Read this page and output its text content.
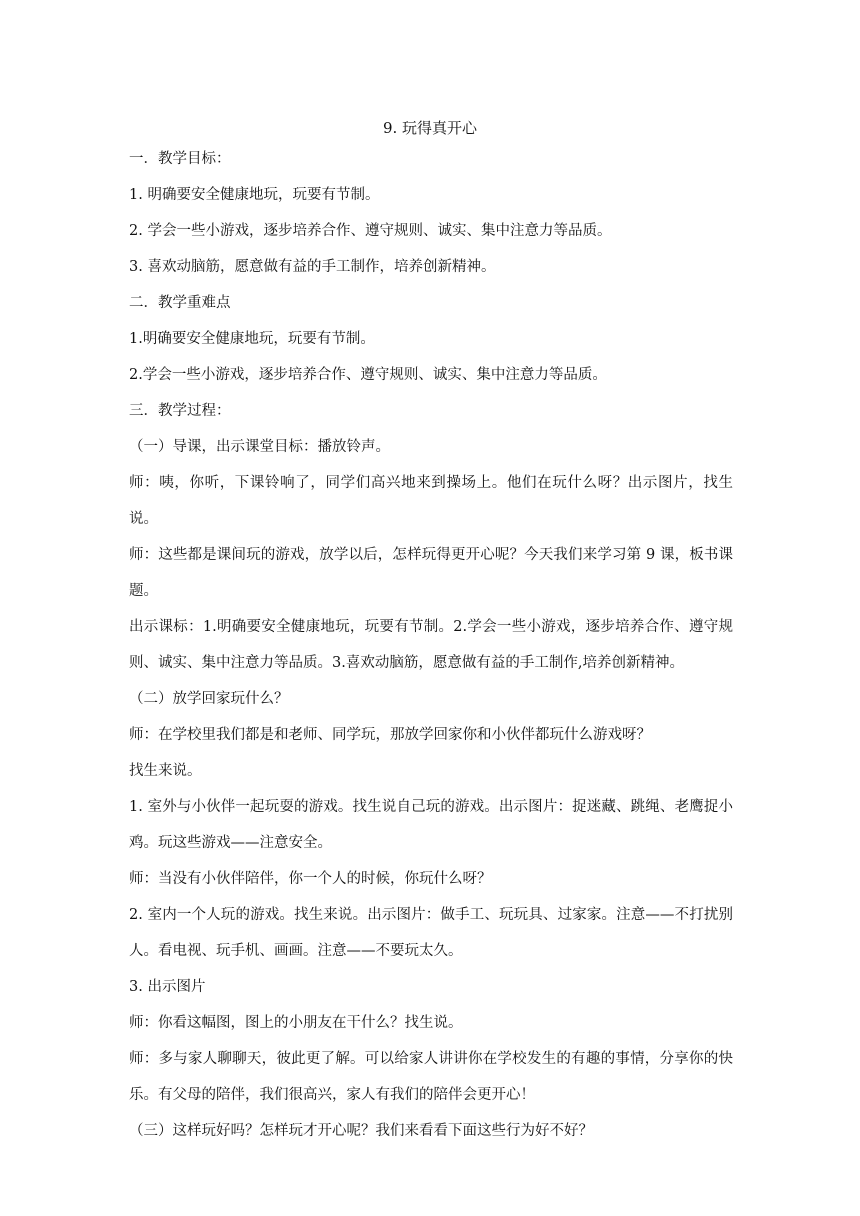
9. 玩得真开心
一．教学目标：
1. 明确要安全健康地玩，玩要有节制。
2. 学会一些小游戏，逐步培养合作、遵守规则、诚实、集中注意力等品质。
3. 喜欢动脑筋，愿意做有益的手工制作，培养创新精神。
二．教学重难点
1.明确要安全健康地玩，玩要有节制。
2.学会一些小游戏，逐步培养合作、遵守规则、诚实、集中注意力等品质。
三．教学过程：
（一）导课，出示课堂目标：播放铃声。
师：咦，你听，下课铃响了，同学们高兴地来到操场上。他们在玩什么呀？出示图片，找生说。
师：这些都是课间玩的游戏，放学以后，怎样玩得更开心呢？今天我们来学习第 9 课，板书课题。
出示课标：1.明确要安全健康地玩，玩要有节制。2.学会一些小游戏，逐步培养合作、遵守规则、诚实、集中注意力等品质。3.喜欢动脑筋，愿意做有益的手工制作,培养创新精神。
（二）放学回家玩什么？
师：在学校里我们都是和老师、同学玩，那放学回家你和小伙伴都玩什么游戏呀？
找生来说。
1. 室外与小伙伴一起玩耍的游戏。找生说自己玩的游戏。出示图片：捉迷藏、跳绳、老鹰捉小鸡。玩这些游戏——注意安全。
师：当没有小伙伴陪伴，你一个人的时候，你玩什么呀？
2. 室内一个人玩的游戏。找生来说。出示图片：做手工、玩玩具、过家家。注意——不打扰别人。看电视、玩手机、画画。注意——不要玩太久。
3. 出示图片
师：你看这幅图，图上的小朋友在干什么？找生说。
师：多与家人聊聊天，彼此更了解。可以给家人讲讲你在学校发生的有趣的事情，分享你的快乐。有父母的陪伴，我们很高兴，家人有我们的陪伴会更开心！
（三）这样玩好吗？怎样玩才开心呢？我们来看看下面这些行为好不好？
